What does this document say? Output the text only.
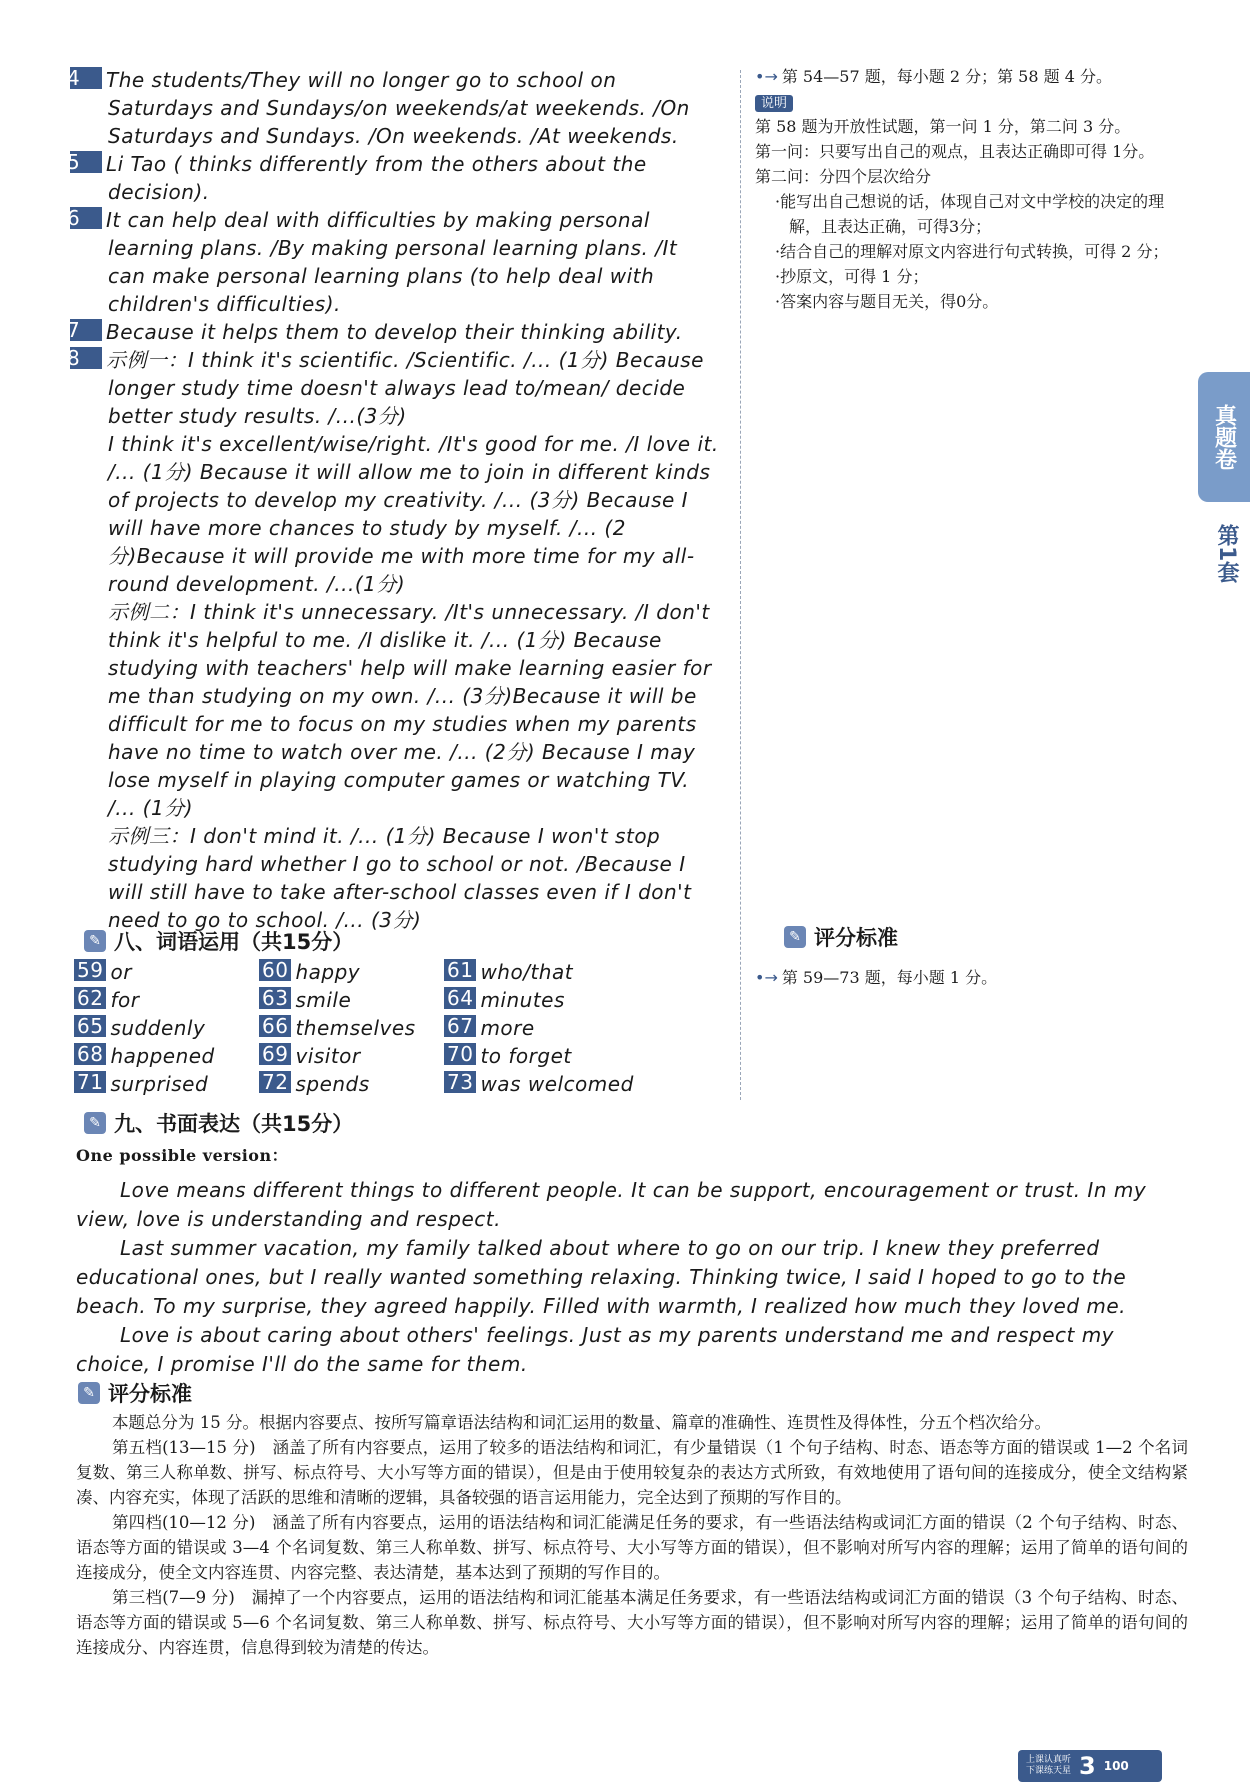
54 The students/They will no longer go to school on Saturdays and Sundays/on weekends/at weekends. /On Saturdays and Sundays. /On weekends. /At weekends.

55 Li Tao ( thinks differently from the others about the decision).

56 It can help deal with difficulties by making personal learning plans. /By making personal learning plans. /It can make personal learning plans (to help deal with children's difficulties).

57 Because it helps them to develop their thinking ability.

58 示例一：I think it's scientific. /Scientific. /... (1分) Because longer study time doesn't always lead to/mean/ decide better study results. /...(3分)

I think it's excellent/wise/right. /It's good for me. /I love it. /... (1分) Because it will allow me to join in different kinds of projects to develop my creativity. /... (3分) Because I will have more chances to study by myself. /... (2分)Because it will provide me with more time for my all-round development. /...(1分)

示例二：I think it's unnecessary. /It's unnecessary. /I don't think it's helpful to me. /I dislike it. /... (1分) Because studying with teachers' help will make learning easier for me than studying on my own. /... (3分)Because it will be difficult for me to focus on my studies when my parents have no time to watch over me. /... (2分) Because I may lose myself in playing computer games or watching TV. /... (1分)

示例三：I don't mind it. /... (1分) Because I won't stop studying hard whether I go to school or not. /Because I will still have to take after-school classes even if I don't need to go to school. /... (3分)

•→ 第 54—57 题，每小题 2 分；第 58 题 4 分。
说明
第 58 题为开放性试题，第一问 1 分，第二问 3 分。
第一问：只要写出自己的观点，且表达正确即可得 1分。
第二问：分四个层次给分
·能写出自己想说的话，体现自己对文中学校的决定的理解，且表达正确，可得3分；
·结合自己的理解对原文内容进行句式转换，可得 2 分；
·抄原文，可得 1 分；
·答案内容与题目无关，得0分。
✎ 八、词语运用（共15分）
59 or	60 happy	61 who/that
62 for	63 smile	64 minutes
65 suddenly	66 themselves	67 more
68 happened	69 visitor	70 to forget
71 surprised	72 spends	73 was welcomed
✎ 评分标准
•→ 第 59—73 题，每小题 1 分。
✎ 九、书面表达（共15分）

One possible version：

Love means different things to different people. It can be support, encouragement or trust. In my view, love is understanding and respect.

Last summer vacation, my family talked about where to go on our trip. I knew they preferred educational ones, but I really wanted something relaxing. Thinking twice, I said I hoped to go to the beach. To my surprise, they agreed happily. Filled with warmth, I realized how much they loved me.

Love is about caring about others' feelings. Just as my parents understand me and respect my choice, I promise I'll do the same for them.

✎ 评分标准

本题总分为 15 分。根据内容要点、按所写篇章语法结构和词汇运用的数量、篇章的准确性、连贯性及得体性，分五个档次给分。

第五档(13—15 分)　涵盖了所有内容要点，运用了较多的语法结构和词汇，有少量错误（1 个句子结构、时态、语态等方面的错误或 1—2 个名词复数、第三人称单数、拼写、标点符号、大小写等方面的错误），但是由于使用较复杂的表达方式所致，有效地使用了语句间的连接成分，使全文结构紧凑、内容充实，体现了活跃的思维和清晰的逻辑，具备较强的语言运用能力，完全达到了预期的写作目的。

第四档(10—12 分)　涵盖了所有内容要点，运用的语法结构和词汇能满足任务的要求，有一些语法结构或词汇方面的错误（2 个句子结构、时态、语态等方面的错误或 3—4 个名词复数、第三人称单数、拼写、标点符号、大小写等方面的错误），但不影响对所写内容的理解；运用了简单的语句间的连接成分，使全文内容连贯、内容完整、表达清楚，基本达到了预期的写作目的。

第三档(7—9 分)　漏掉了一个内容要点，运用的语法结构和词汇能基本满足任务要求，有一些语法结构或词汇方面的错误（3 个句子结构、时态、语态等方面的错误或 5—6 个名词复数、第三人称单数、拼写、标点符号、大小写等方面的错误），但不影响对所写内容的理解；运用了简单的语句间的连接成分、内容连贯，信息得到较为清楚的传达。

真题卷
第1套
上课认真听
下课练天星 3 100
